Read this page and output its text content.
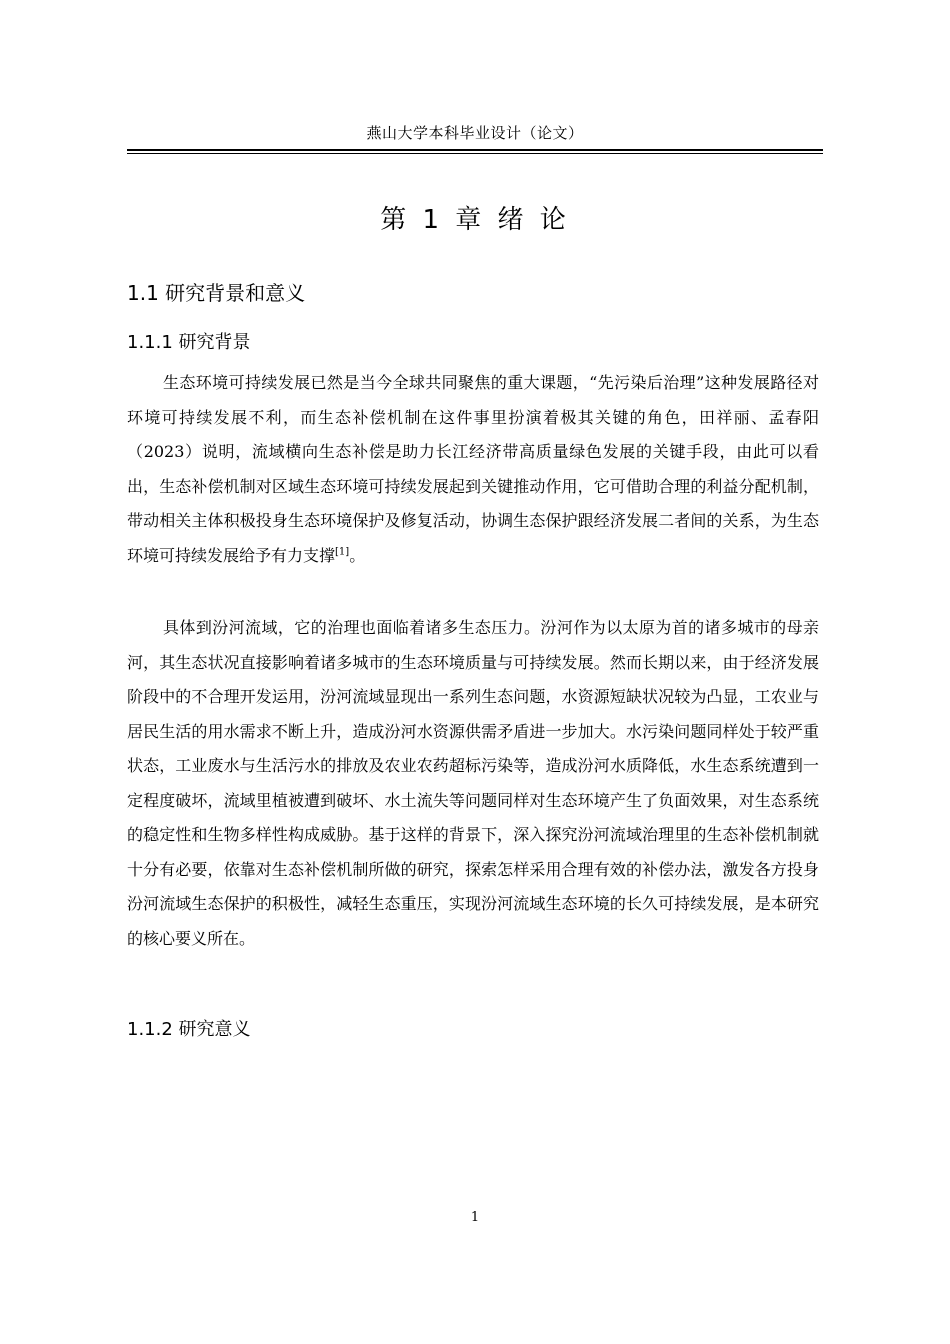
燕山大学本科毕业设计（论文）
第 1 章 绪 论
1.1 研究背景和意义
1.1.1 研究背景

生态环境可持续发展已然是当今全球共同聚焦的重大课题，“先污染后治理”这种发展路径对环境可持续发展不利，而生态补偿机制在这件事里扮演着极其关键的角色，田祥丽、孟春阳（2023）说明，流域横向生态补偿是助力长江经济带高质量绿色发展的关键手段，由此可以看出，生态补偿机制对区域生态环境可持续发展起到关键推动作用，它可借助合理的利益分配机制，带动相关主体积极投身生态环境保护及修复活动，协调生态保护跟经济发展二者间的关系，为生态环境可持续发展给予有力支撑[1]。

具体到汾河流域，它的治理也面临着诸多生态压力。汾河作为以太原为首的诸多城市的母亲河，其生态状况直接影响着诸多城市的生态环境质量与可持续发展。然而长期以来，由于经济发展阶段中的不合理开发运用，汾河流域显现出一系列生态问题，水资源短缺状况较为凸显，工农业与居民生活的用水需求不断上升，造成汾河水资源供需矛盾进一步加大。水污染问题同样处于较严重状态，工业废水与生活污水的排放及农业农药超标污染等，造成汾河水质降低，水生态系统遭到一定程度破坏，流域里植被遭到破坏、水土流失等问题同样对生态环境产生了负面效果，对生态系统的稳定性和生物多样性构成威胁。基于这样的背景下，深入探究汾河流域治理里的生态补偿机制就十分有必要，依靠对生态补偿机制所做的研究，探索怎样采用合理有效的补偿办法，激发各方投身汾河流域生态保护的积极性，减轻生态重压，实现汾河流域生态环境的长久可持续发展，是本研究的核心要义所在。

1.1.2 研究意义
1
